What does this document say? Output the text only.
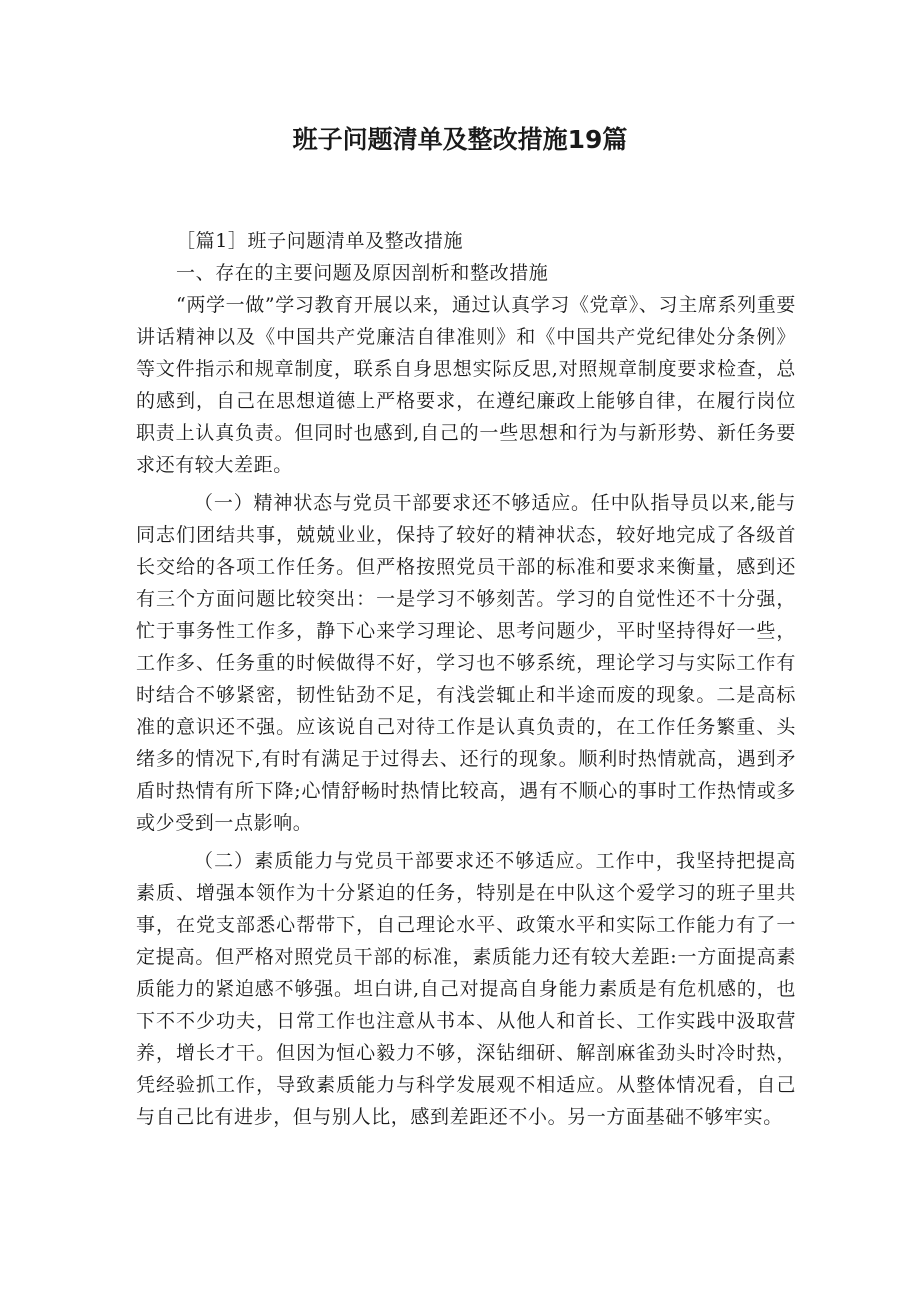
班子问题清单及整改措施19篇

［篇1］班子问题清单及整改措施

一、存在的主要问题及原因剖析和整改措施

“两学一做”学习教育开展以来，通过认真学习《党章》、习主席系列重要讲话精神以及《中国共产党廉洁自律准则》和《中国共产党纪律处分条例》等文件指示和规章制度，联系自身思想实际反思,对照规章制度要求检查，总的感到，自己在思想道德上严格要求，在遵纪廉政上能够自律，在履行岗位职责上认真负责。但同时也感到,自己的一些思想和行为与新形势、新任务要求还有较大差距。

（一）精神状态与党员干部要求还不够适应。任中队指导员以来,能与同志们团结共事，兢兢业业，保持了较好的精神状态，较好地完成了各级首长交给的各项工作任务。但严格按照党员干部的标准和要求来衡量，感到还有三个方面问题比较突出：一是学习不够刻苦。学习的自觉性还不十分强，忙于事务性工作多，静下心来学习理论、思考问题少，平时坚持得好一些，工作多、任务重的时候做得不好，学习也不够系统，理论学习与实际工作有时结合不够紧密，韧性钻劲不足，有浅尝辄止和半途而废的现象。二是高标准的意识还不强。应该说自己对待工作是认真负责的，在工作任务繁重、头绪多的情况下,有时有满足于过得去、还行的现象。顺利时热情就高，遇到矛盾时热情有所下降;心情舒畅时热情比较高，遇有不顺心的事时工作热情或多或少受到一点影响。

（二）素质能力与党员干部要求还不够适应。工作中，我坚持把提高素质、增强本领作为十分紧迫的任务，特别是在中队这个爱学习的班子里共事，在党支部悉心帮带下，自己理论水平、政策水平和实际工作能力有了一定提高。但严格对照党员干部的标准，素质能力还有较大差距:一方面提高素质能力的紧迫感不够强。坦白讲,自己对提高自身能力素质是有危机感的，也下不不少功夫，日常工作也注意从书本、从他人和首长、工作实践中汲取营养，增长才干。但因为恒心毅力不够，深钻细研、解剖麻雀劲头时冷时热，凭经验抓工作，导致素质能力与科学发展观不相适应。从整体情况看，自己与自己比有进步，但与别人比，感到差距还不小。另一方面基础不够牢实。
